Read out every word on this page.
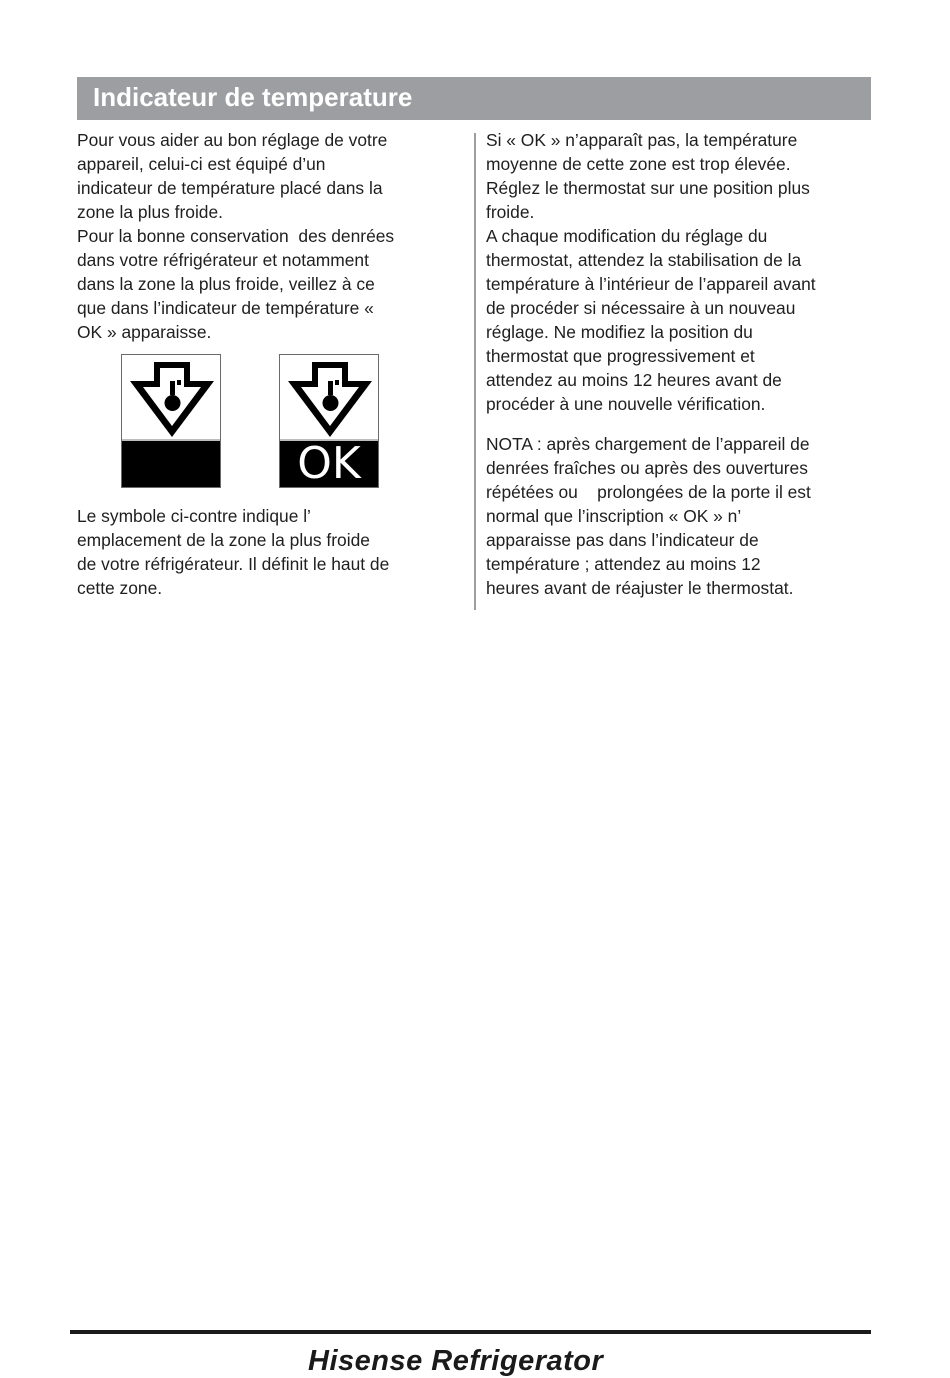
Indicateur de temperature

Pour vous aider au bon réglage de votre

appareil, celui-ci est équipé d’un

indicateur de température placé dans la

zone la plus froide.

Pour la bonne conservation  des denrées

dans votre réfrigérateur et notamment

dans la zone la plus froide, veillez à ce

que dans l’indicateur de température «

OK » apparaisse.

OK

Le symbole ci-contre indique l’

emplacement de la zone la plus froide

de votre réfrigérateur. Il définit le haut de

cette zone.

Si « OK » n’apparaît pas, la température

moyenne de cette zone est trop élevée.

Réglez le thermostat sur une position plus

froide.

A chaque modification du réglage du

thermostat, attendez la stabilisation de la

température à l’intérieur de l’appareil avant

de procéder si nécessaire à un nouveau

réglage. Ne modifiez la position du

thermostat que progressivement et

attendez au moins 12 heures avant de

procéder à une nouvelle vérification.

NOTA : après chargement de l’appareil de

denrées fraîches ou après des ouvertures

répétées ou    prolongées de la porte il est

normal que l’inscription « OK » n’

apparaisse pas dans l’indicateur de

température ; attendez au moins 12

heures avant de réajuster le thermostat.

Hisense Refrigerator
